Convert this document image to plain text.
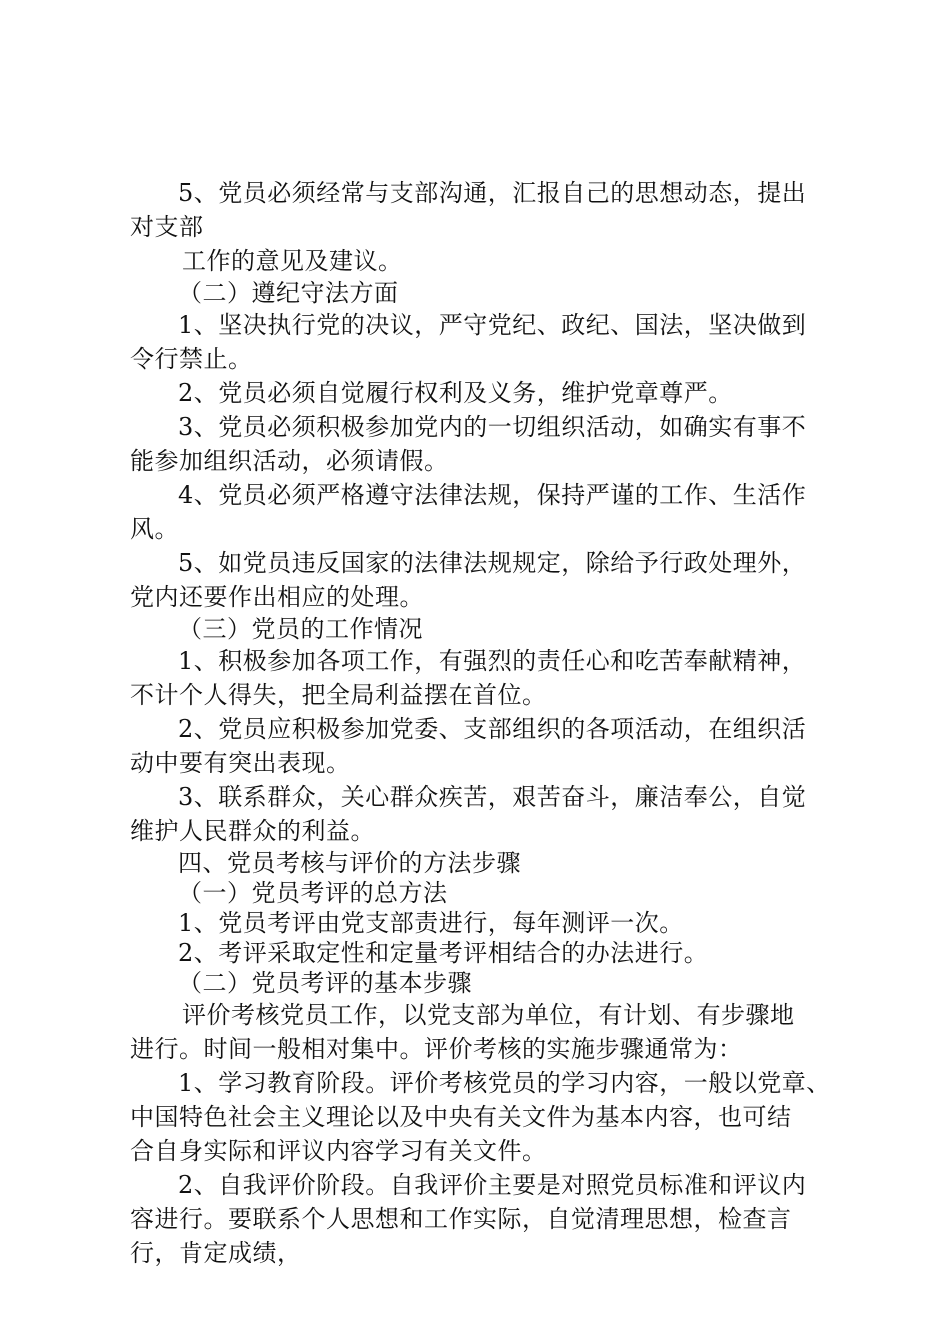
5、党员必须经常与支部沟通，汇报自己的思想动态，提出
对支部
工作的意见及建议。
（二）遵纪守法方面
1、坚决执行党的决议，严守党纪、政纪、国法，坚决做到
令行禁止。
2、党员必须自觉履行权利及义务，维护党章尊严。
3、党员必须积极参加党内的一切组织活动，如确实有事不
能参加组织活动，必须请假。
4、党员必须严格遵守法律法规，保持严谨的工作、生活作
风。
5、如党员违反国家的法律法规规定，除给予行政处理外，
党内还要作出相应的处理。
（三）党员的工作情况
1、积极参加各项工作，有强烈的责任心和吃苦奉献精神，
不计个人得失，把全局利益摆在首位。
2、党员应积极参加党委、支部组织的各项活动，在组织活
动中要有突出表现。
3、联系群众，关心群众疾苦，艰苦奋斗，廉洁奉公，自觉
维护人民群众的利益。
四、党员考核与评价的方法步骤
（一）党员考评的总方法
1、党员考评由党支部责进行，每年测评一次。
2、考评采取定性和定量考评相结合的办法进行。
（二）党员考评的基本步骤
评价考核党员工作，以党支部为单位，有计划、有步骤地
进行。时间一般相对集中。评价考核的实施步骤通常为：
1、学习教育阶段。评价考核党员的学习内容，一般以党章、
中国特色社会主义理论以及中央有关文件为基本内容，也可结
合自身实际和评议内容学习有关文件。
2、自我评价阶段。自我评价主要是对照党员标准和评议内
容进行。要联系个人思想和工作实际，自觉清理思想，检查言
行，肯定成绩，
